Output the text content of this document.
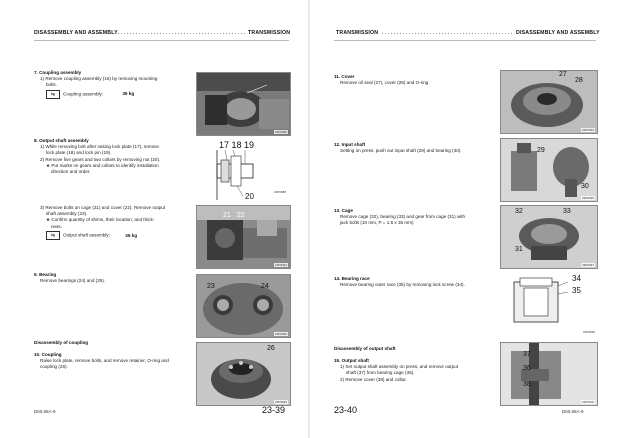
DISASSEMBLY AND ASSEMBLY	TRANSMISSION
7. Coupling assembly
1) Remove coupling assembly (16) by removing mounting
bolts.
kg Coupling assembly:	35 kg
23P0086
8. Output shaft assembly
1) While removing bolt after raising lock plate (17), remove
lock plate (18) and lock pin (19).
2) Remove five gears and two collars by removing nut (20).
★ Put marks on gears and collars to identify installation
direction and order.
17 18 19
20	23P0088
3) Remove bolts on cage (21) and cover (22). Remove output
shaft assembly (23).
★ Confirm quantity of shims, their location, and thick-
ness.
kg Output shaft assembly:	35 kg
21 22
23P0091
9. Bearing
Remove bearings (24) and (25).
23	24
23P0092
Disassembly of coupling
10. Coupling
Raise lock plate, remove bolts, and remove retainer, O-ring and
coupling (26).
26
23P0093
D60,65A-9	23-39
TRANSMISSION	DISASSEMBLY AND ASSEMBLY
11. Cover
Remove oil seal (27), cover (28) and O-ring
27
28
23P0094
12. Input shaft
Setting on press, push out input shaft (29) and bearing (30).	29
30
23P0095
13. Cage
Remove cage (32), bearing (33) and gear from cage (31) with
jack bolts (10 mm, P = 1.5 x 35 mm)
32	33
31
23P0097
14. Bearing race
Remove bearing outer race (35) by removing lock screw (34).
34
35
23P0099
Disassembly of output shaft
15. Output shaft
1) Set output shaft assembly on press, and remove output
shaft (37) from bearing cage (36).
2) Remove cover (38) and collar.
37
36
38
23P0100
23-40	D60,65A-9
